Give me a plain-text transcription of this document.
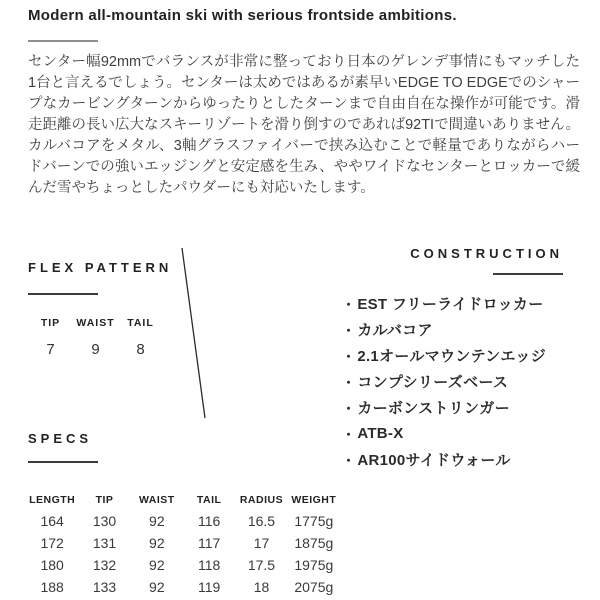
Modern all-mountain ski with serious frontside ambitions.

センター幅92mmでバランスが非常に整っており日本のゲレンデ事情にもマッチした1台と言えるでしょう。センターは太めではあるが素早いEDGE TO EDGEでのシャープなカービングターンからゆったりとしたターンまで自由自在な操作が可能です。滑走距離の長い広大なスキーリゾートを滑り倒すのであれば92TIで間違いありません。カルバコアをメタル、3軸グラスファイバーで挟み込むことで軽量でありながらハードバーンでの強いエッジングと安定感を生み、ややワイドなセンターとロッカーで緩んだ雪やちょっとしたパウダーにも対応いたします。

FLEX PATTERN
TIP	WAIST	TAIL
7	9	8
CONSTRUCTION
・ EST フリーライドロッカー
・ カルバコア
・ 2.1オールマウンテンエッジ
・ コンプシリーズベース
・ カーボンストリンガー
・ ATB-X
・ AR100サイドウォール
SPECS
LENGTH	TIP	WAIST	TAIL	RADIUS	WEIGHT
164	130	92	116	16.5	1775g
172	131	92	117	17	1875g
180	132	92	118	17.5	1975g
188	133	92	119	18	2075g
